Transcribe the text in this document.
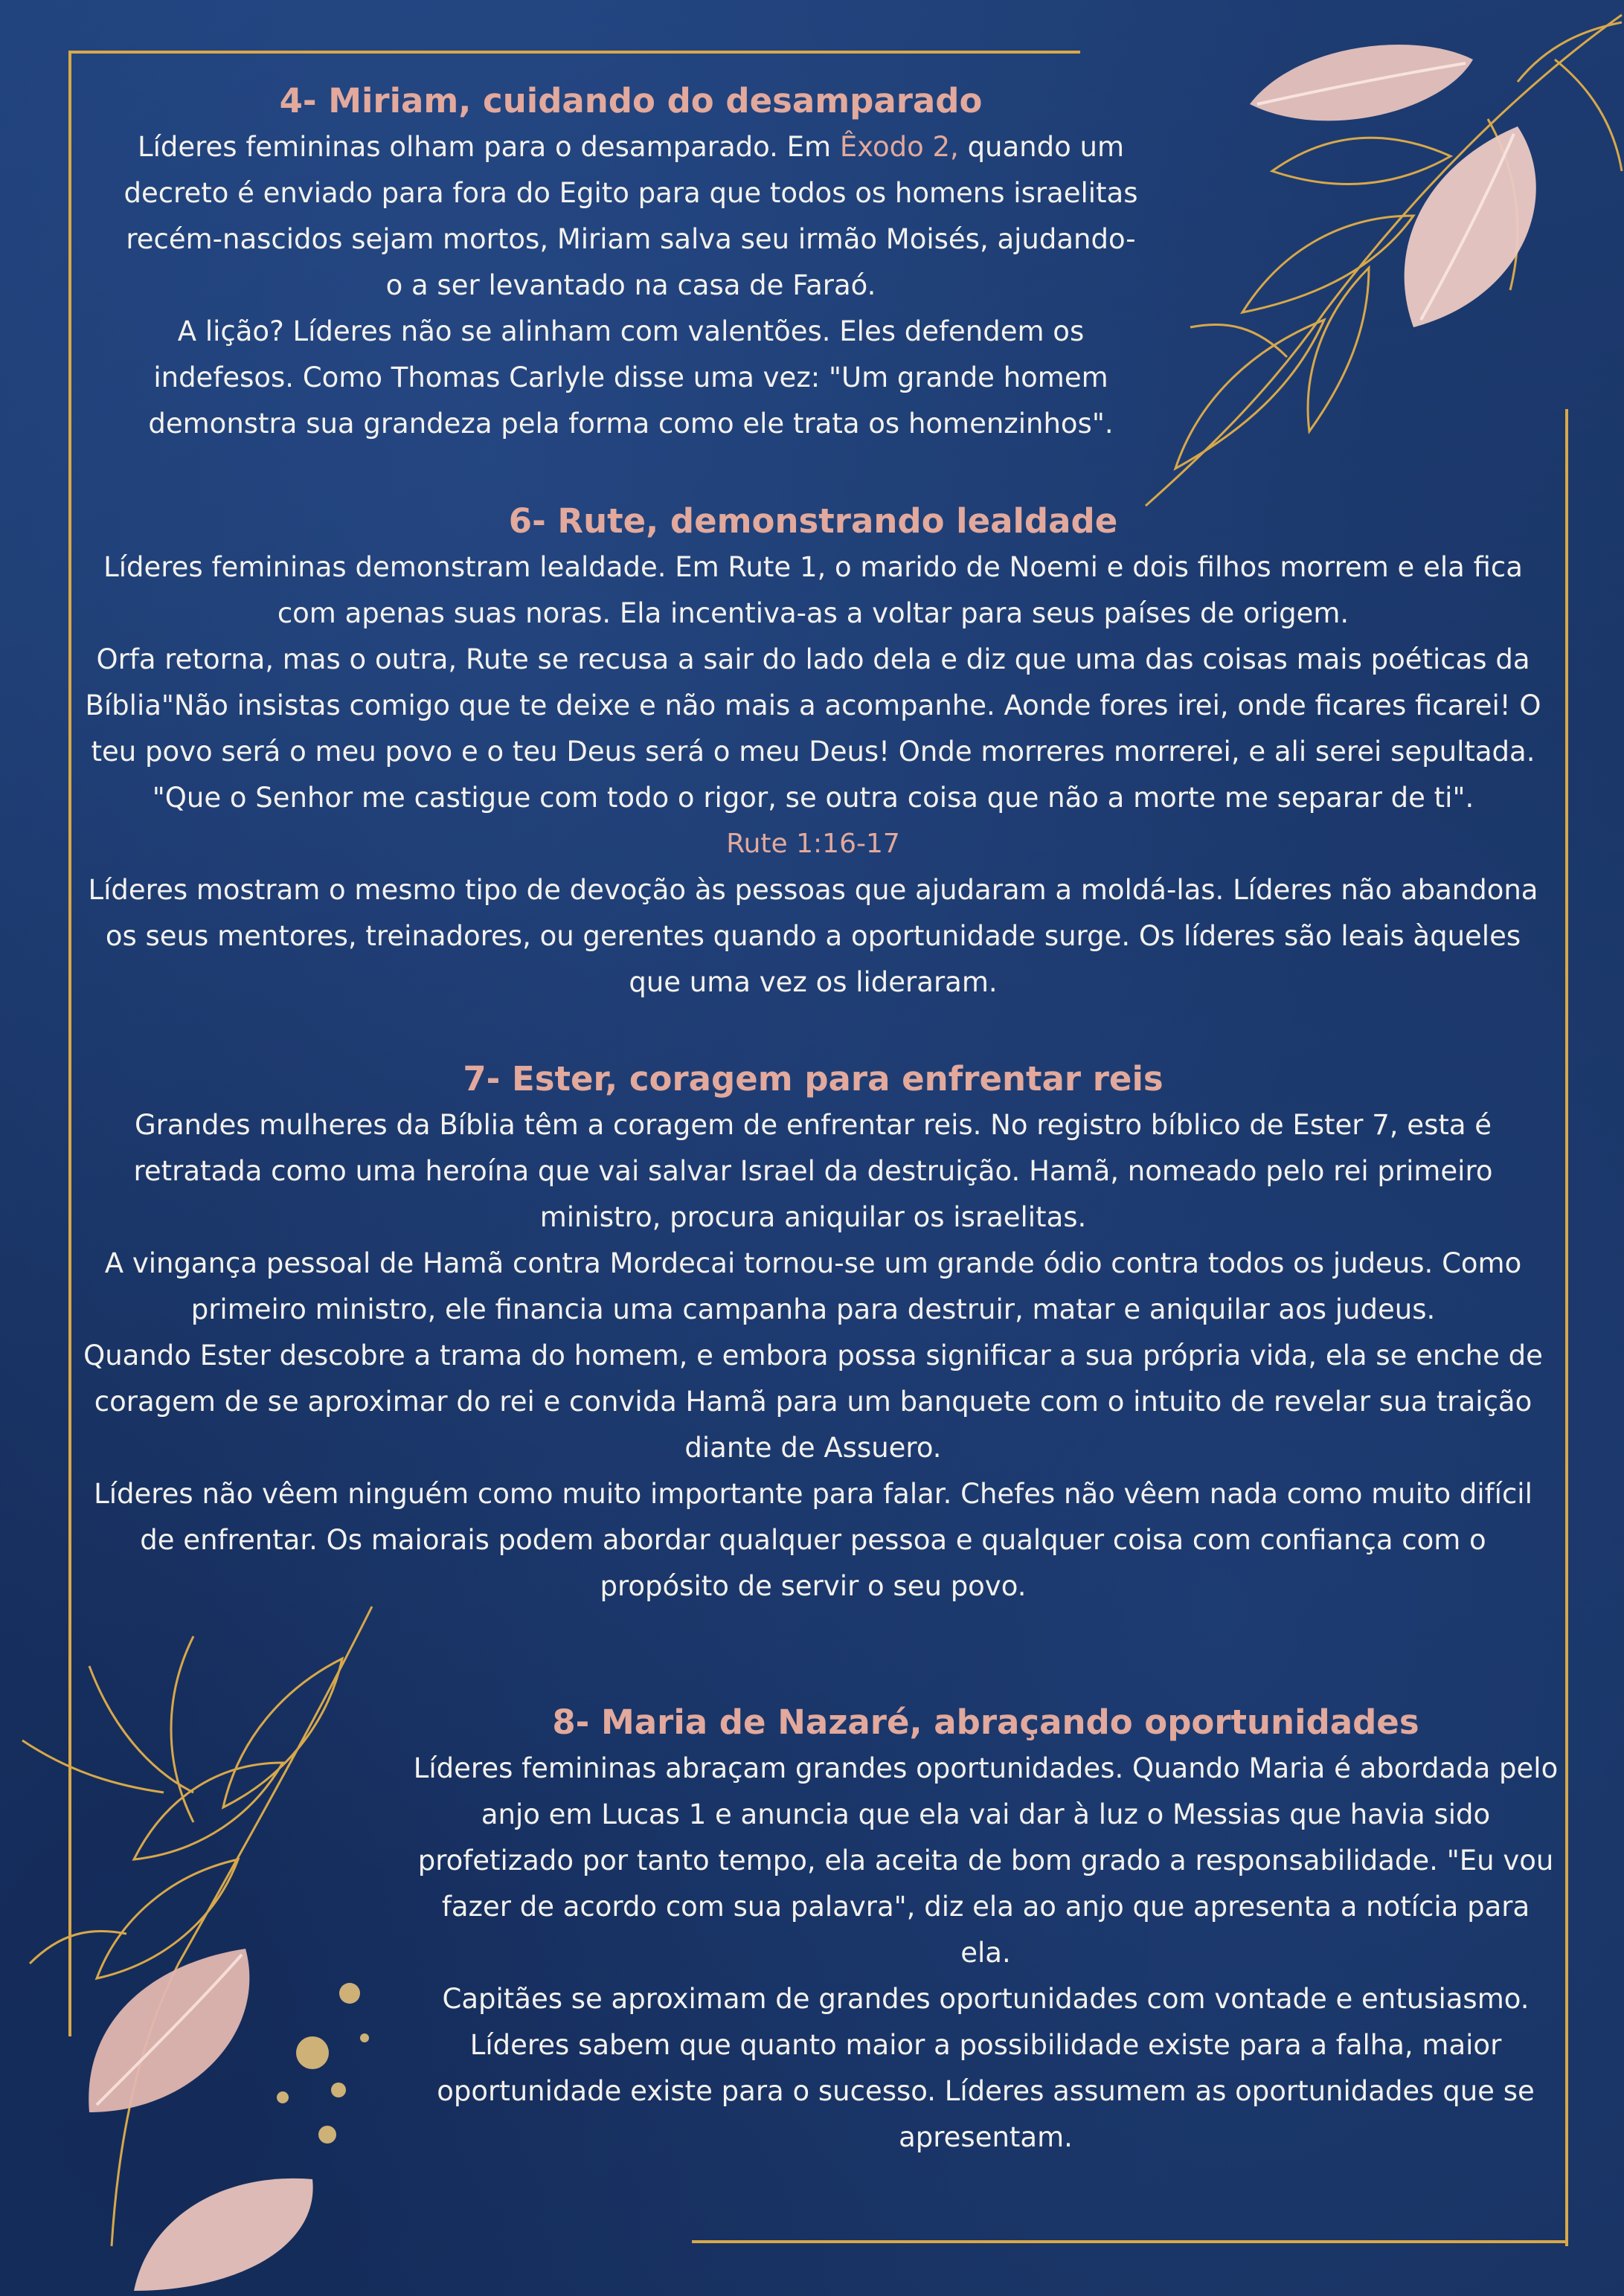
4- Miriam, cuidando do desamparado

Líderes femininas olham para o desamparado. Em Êxodo 2, quando um decreto é enviado para fora do Egito para que todos os homens israelitas recém-nascidos sejam mortos, Miriam salva seu irmão Moisés, ajudando-o a ser levantado na casa de Faraó.

A lição? Líderes não se alinham com valentões. Eles defendem os indefesos. Como Thomas Carlyle disse uma vez: "Um grande homem demonstra sua grandeza pela forma como ele trata os homenzinhos".

6- Rute, demonstrando lealdade

Líderes femininas demonstram lealdade. Em Rute 1, o marido de Noemi e dois filhos morrem e ela fica com apenas suas noras. Ela incentiva-as a voltar para seus países de origem.

Orfa retorna, mas o outra, Rute se recusa a sair do lado dela e diz que uma das coisas mais poéticas da Bíblia"Não insistas comigo que te deixe e não mais a acompanhe. Aonde fores irei, onde ficares ficarei! O teu povo será o meu povo e o teu Deus será o meu Deus! Onde morreres morrerei, e ali serei sepultada. "Que o Senhor me castigue com todo o rigor, se outra coisa que não a morte me separar de ti".

Rute 1:16-17

Líderes mostram o mesmo tipo de devoção às pessoas que ajudaram a moldá-las. Líderes não abandona os seus mentores, treinadores, ou gerentes quando a oportunidade surge. Os líderes são leais àqueles que uma vez os lideraram.

7- Ester, coragem para enfrentar reis

Grandes mulheres da Bíblia têm a coragem de enfrentar reis. No registro bíblico de Ester 7, esta é retratada como uma heroína que vai salvar Israel da destruição. Hamã, nomeado pelo rei primeiro ministro, procura aniquilar os israelitas.

A vingança pessoal de Hamã contra Mordecai tornou-se um grande ódio contra todos os judeus. Como primeiro ministro, ele financia uma campanha para destruir, matar e aniquilar aos judeus.

Quando Ester descobre a trama do homem, e embora possa significar a sua própria vida, ela se enche de coragem de se aproximar do rei e convida Hamã para um banquete com o intuito de revelar sua traição diante de Assuero.

Líderes não vêem ninguém como muito importante para falar. Chefes não vêem nada como muito difícil de enfrentar. Os maiorais podem abordar qualquer pessoa e qualquer coisa com confiança com o propósito de servir o seu povo.

8- Maria de Nazaré, abraçando oportunidades

Líderes femininas abraçam grandes oportunidades. Quando Maria é abordada pelo anjo em Lucas 1 e anuncia que ela vai dar à luz o Messias que havia sido profetizado por tanto tempo, ela aceita de bom grado a responsabilidade. "Eu vou fazer de acordo com sua palavra", diz ela ao anjo que apresenta a notícia para ela.

Capitães se aproximam de grandes oportunidades com vontade e entusiasmo. Líderes sabem que quanto maior a possibilidade existe para a falha, maior oportunidade existe para o sucesso. Líderes assumem as oportunidades que se apresentam.
